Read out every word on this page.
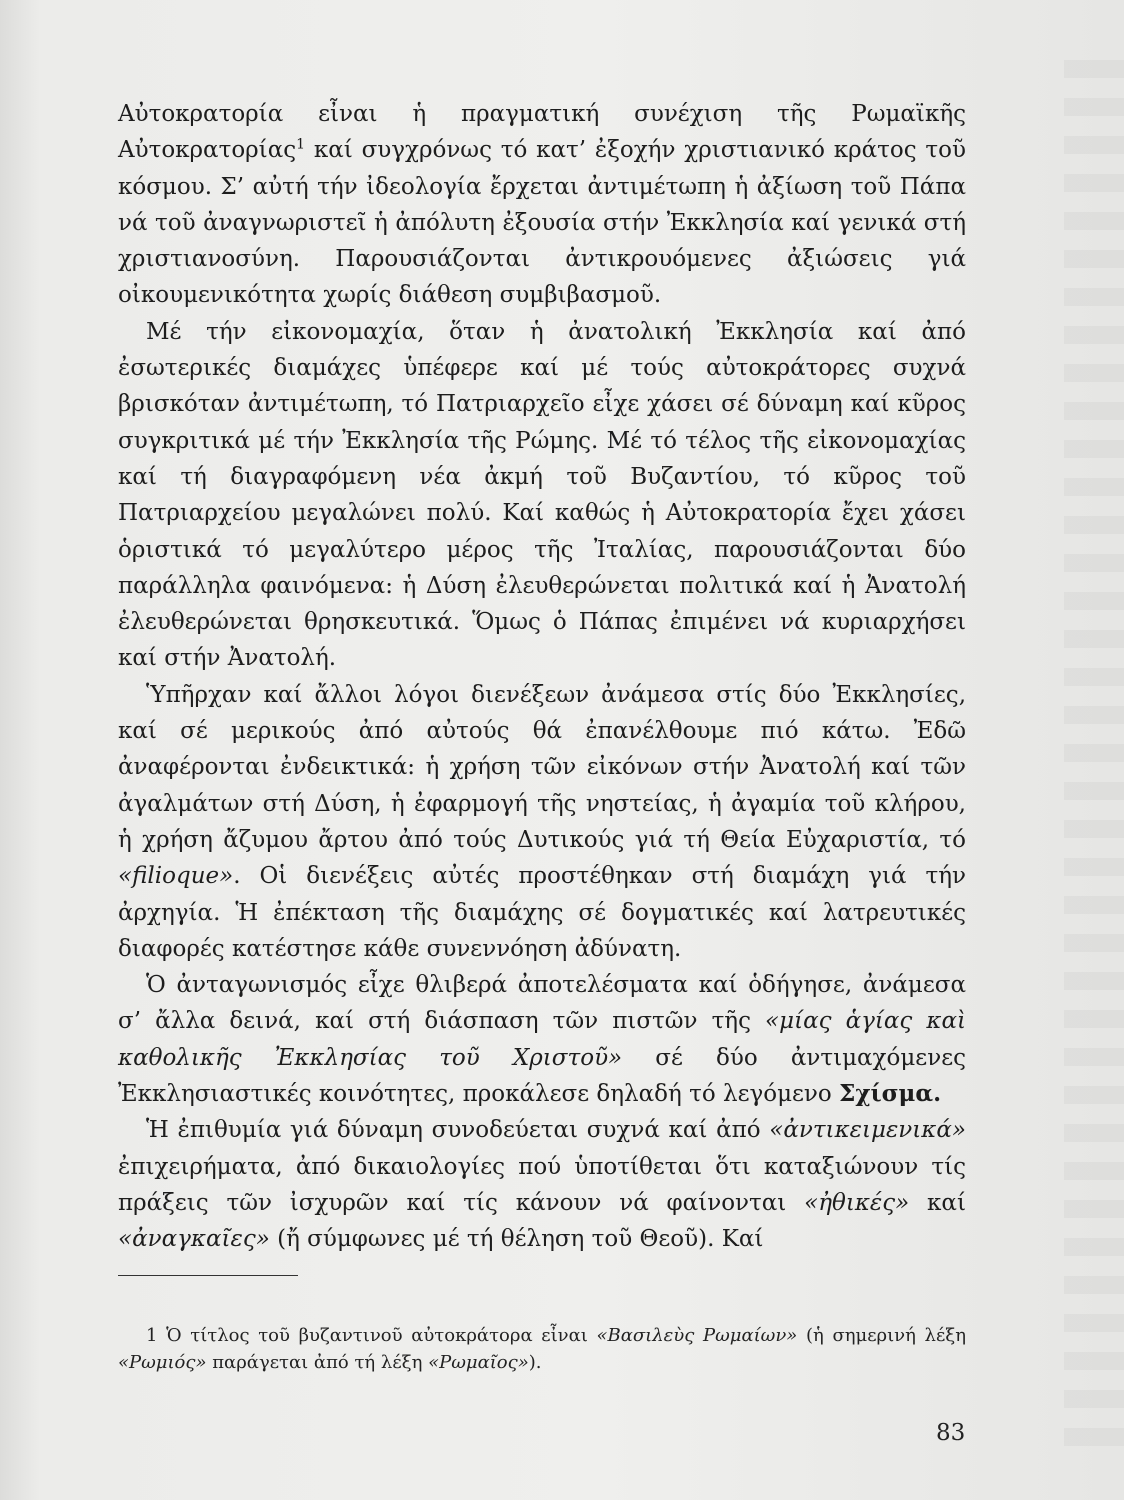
Αὐτοκρατορία εἶναι ἡ πραγματική συνέχιση τῆς Ρωμαϊκῆς Αὐτοκρατορίας$^1$ καί συγχρόνως τό κατ’ ἐξοχήν χριστιανικό κράτος τοῦ κόσμου. Σ’ αὐτή τήν ἰδεολογία ἔρχεται ἀντιμέτωπη ἡ ἀξίωση τοῦ Πάπα νά τοῦ ἀναγνωριστεῖ ἡ ἀπόλυτη ἐξουσία στήν Ἐκκλησία καί γενικά στή χριστιανοσύνη. Παρουσιάζονται ἀντικρουόμενες ἀξιώσεις γιά οἰκουμενικότητα χωρίς διάθεση συμβιβασμοῦ.

Μέ τήν εἰκονομαχία, ὅταν ἡ ἀνατολική Ἐκκλησία καί ἀπό ἐσωτερικές διαμάχες ὑπέφερε καί μέ τούς αὐτοκράτορες συχνά βρισκόταν ἀντιμέτωπη, τό Πατριαρχεῖο εἶχε χάσει σέ δύναμη καί κῦρος συγκριτικά μέ τήν Ἐκκλησία τῆς Ρώμης. Μέ τό τέλος τῆς εἰκονομαχίας καί τή διαγραφόμενη νέα ἀκμή τοῦ Βυζαντίου, τό κῦρος τοῦ Πατριαρχείου μεγαλώνει πολύ. Καί καθώς ἡ Αὐτοκρατορία ἔχει χάσει ὁριστικά τό μεγαλύτερο μέρος τῆς Ἰταλίας, παρουσιάζονται δύο παράλληλα φαινόμενα: ἡ Δύση ἐλευθερώνεται πολιτικά καί ἡ Ἀνατολή ἐλευθερώνεται θρησκευτικά. Ὅμως ὁ Πάπας ἐπιμένει νά κυριαρχήσει καί στήν Ἀνατολή.

Ὑπῆρχαν καί ἄλλοι λόγοι διενέξεων ἀνάμεσα στίς δύο Ἐκκλησίες, καί σέ μερικούς ἀπό αὐτούς θά ἐπανέλθουμε πιό κάτω. Ἐδῶ ἀναφέρονται ἐνδεικτικά: ἡ χρήση τῶν εἰκόνων στήν Ἀνατολή καί τῶν ἀγαλμάτων στή Δύση, ἡ ἐφαρμογή τῆς νηστείας, ἡ ἀγαμία τοῦ κλήρου, ἡ χρήση ἄζυμου ἄρτου ἀπό τούς Δυτικούς γιά τή Θεία Εὐχαριστία, τό «filioque». Οἱ διενέξεις αὐτές προστέθηκαν στή διαμάχη γιά τήν ἀρχηγία. Ἡ ἐπέκταση τῆς διαμάχης σέ δογματικές καί λατρευτικές διαφορές κατέστησε κάθε συνεννόηση ἀδύνατη.

Ὁ ἀνταγωνισμός εἶχε θλιβερά ἀποτελέσματα καί ὁδήγησε, ἀνάμεσα σ’ ἄλλα δεινά, καί στή διάσπαση τῶν πιστῶν τῆς «μίας ἁγίας καὶ καθολικῆς Ἐκκλησίας τοῦ Χριστοῦ» σέ δύο ἀντιμαχόμενες Ἐκκλησιαστικές κοινότητες, προκάλεσε δηλαδή τό λεγόμενο Σχίσμα.

Ἡ ἐπιθυμία γιά δύναμη συνοδεύεται συχνά καί ἀπό «ἀντικειμενικά» ἐπιχειρήματα, ἀπό δικαιολογίες πού ὑποτίθεται ὅτι καταξιώνουν τίς πράξεις τῶν ἰσχυρῶν καί τίς κάνουν νά φαίνονται «ἠθικές» καί «ἀναγκαῖες» (ἤ σύμφωνες μέ τή θέληση τοῦ Θεοῦ). Καί

1 Ὁ τίτλος τοῦ βυζαντινοῦ αὐτοκράτορα εἶναι «Βασιλεὺς Ρωμαίων» (ἡ σημερινή λέξη «Ρωμιός» παράγεται ἀπό τή λέξη «Ρωμαῖος»).

83
